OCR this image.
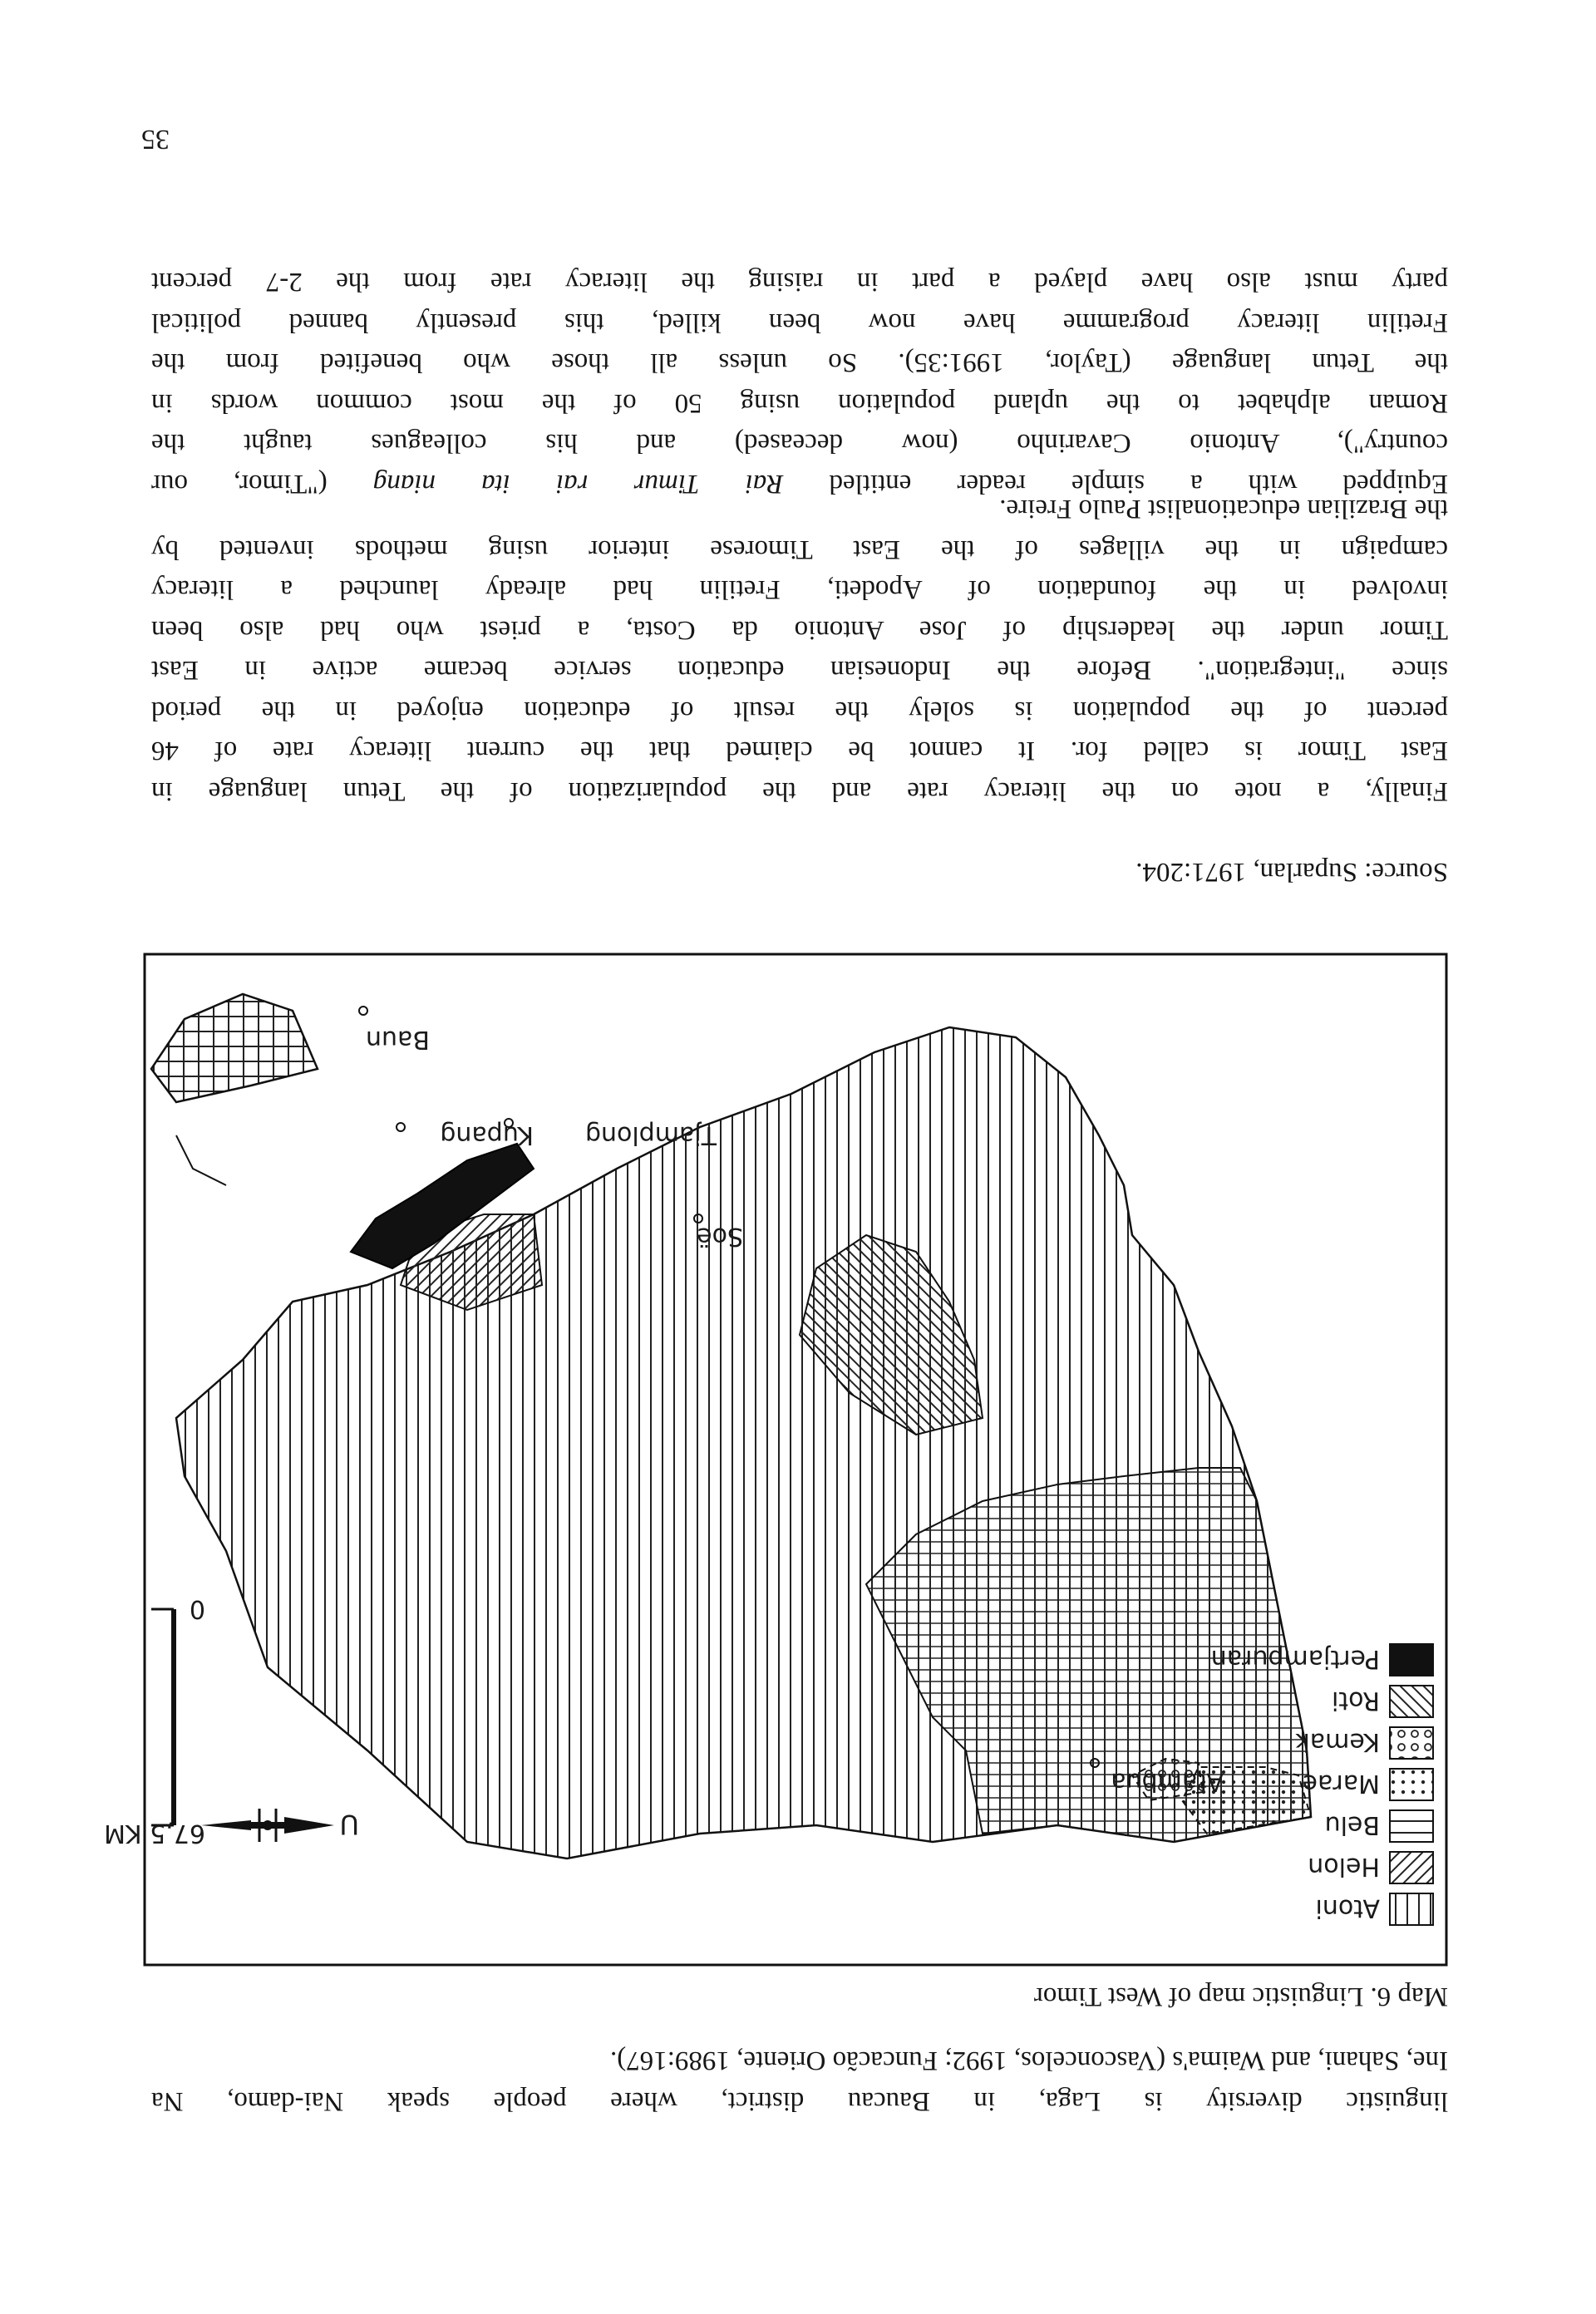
linguistic diversity is Laga, in Baucau district, where people speak Nai-damo, Na
Ine, Sahani, and Waima's (Vasconcelos, 1992; Funcacão Oriente, 1989:167).

Map 6. Linguistic map of West Timor

Atoni
Helon
Belu
Marae
Kemak
Roti
Pertjampuran
Kupang
Baun
Tjamplong
Soë
Atambua
U
0
67,5 KM

Source: Suparlan, 1971:204.

Finally, a note on the literacy rate and the popularization of the Tetun language in
East Timor is called for. It cannot be claimed that the current literacy rate of 46
percent of the population is solely the result of education enjoyed in the period
since "integration". Before the Indonesian education service became active in East
Timor under the leadership of Jose Antonio da Costa, a priest who had also been
involved in the foundation of Apodeti, Fretilin had already launched a literacy
campaign in the villages of the East Timorese interior using methods invented by
the Brazilian educationalist Paulo Freire.

Equipped with a simple reader entitled Rai Timur rai ita niang ("Timor, our
country"), Antonio Cavarinho (now deceased) and his colleagues taught the
Roman alphabet to the upland population using 50 of the most common words in
the Tetun language (Taylor, 1991:35). So unless all those who benefited from the
Fretilin literacy programme have now been killed, this presently banned political
party must also have played a part in raising the literacy rate from the 2-7 percent

35
